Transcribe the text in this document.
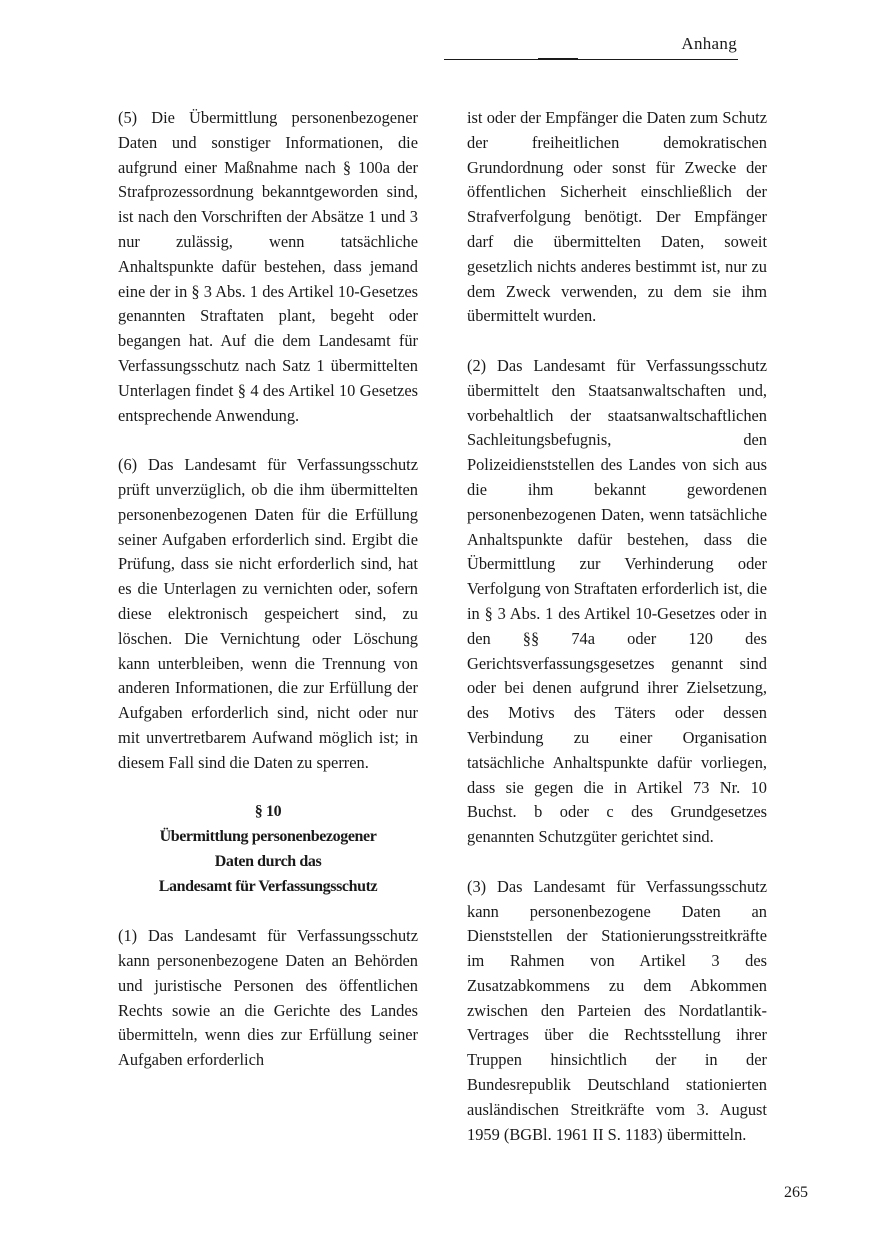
Anhang

(5) Die Übermittlung personenbezogener Daten und sonstiger Informationen, die aufgrund einer Maßnahme nach § 100a der Strafprozessordnung bekanntgeworden sind, ist nach den Vorschriften der Absätze 1 und 3 nur zulässig, wenn tatsächliche Anhaltspunkte dafür bestehen, dass jemand eine der in § 3 Abs. 1 des Artikel 10-Gesetzes genannten Straftaten plant, begeht oder begangen hat. Auf die dem Landesamt für Verfassungsschutz nach Satz 1 übermittelten Unterlagen findet § 4 des Artikel 10 Gesetzes entsprechende Anwendung.

(6) Das Landesamt für Verfassungsschutz prüft unverzüglich, ob die ihm übermittelten personenbezogenen Daten für die Erfüllung seiner Aufgaben erforderlich sind. Ergibt die Prüfung, dass sie nicht erforderlich sind, hat es die Unterlagen zu vernichten oder, sofern diese elektronisch gespeichert sind, zu löschen. Die Vernichtung oder Löschung kann unterbleiben, wenn die Trennung von anderen Informationen, die zur Erfüllung der Aufgaben erforderlich sind, nicht oder nur mit unvertretbarem Aufwand möglich ist; in diesem Fall sind die Daten zu sperren.

§ 10
Übermittlung personenbezogener
Daten durch das
Landesamt für Verfassungsschutz

(1) Das Landesamt für Verfassungsschutz kann personenbezogene Daten an Behörden und juristische Personen des öffentlichen Rechts sowie an die Gerichte des Landes übermitteln, wenn dies zur Erfüllung seiner Aufgaben erforderlich

ist oder der Empfänger die Daten zum Schutz der freiheitlichen demokratischen Grundordnung oder sonst für Zwecke der öffentlichen Sicherheit einschließlich der Strafverfolgung benötigt. Der Empfänger darf die übermittelten Daten, soweit gesetzlich nichts anderes bestimmt ist, nur zu dem Zweck verwenden, zu dem sie ihm übermittelt wurden.

(2) Das Landesamt für Verfassungsschutz übermittelt den Staatsanwaltschaften und, vorbehaltlich der staatsanwaltschaftlichen Sachleitungsbefugnis, den Polizeidienststellen des Landes von sich aus die ihm bekannt gewordenen personenbezogenen Daten, wenn tatsächliche Anhaltspunkte dafür bestehen, dass die Übermittlung zur Verhinderung oder Verfolgung von Straftaten erforderlich ist, die in § 3 Abs. 1 des Artikel 10-Gesetzes oder in den §§ 74a oder 120 des Gerichtsverfassungsgesetzes genannt sind oder bei denen aufgrund ihrer Zielsetzung, des Motivs des Täters oder dessen Verbindung zu einer Organisation tatsächliche Anhaltspunkte dafür vorliegen, dass sie gegen die in Artikel 73 Nr. 10 Buchst. b oder c des Grundgesetzes genannten Schutzgüter gerichtet sind.

(3) Das Landesamt für Verfassungsschutz kann personenbezogene Daten an Dienststellen der Stationierungsstreitkräfte im Rahmen von Artikel 3 des Zusatzabkommens zu dem Abkommen zwischen den Parteien des Nordatlantik-Vertrages über die Rechtsstellung ihrer Truppen hinsichtlich der in der Bundesrepublik Deutschland stationierten ausländischen Streitkräfte vom 3. August 1959 (BGBl. 1961 II S. 1183) übermitteln.

265
